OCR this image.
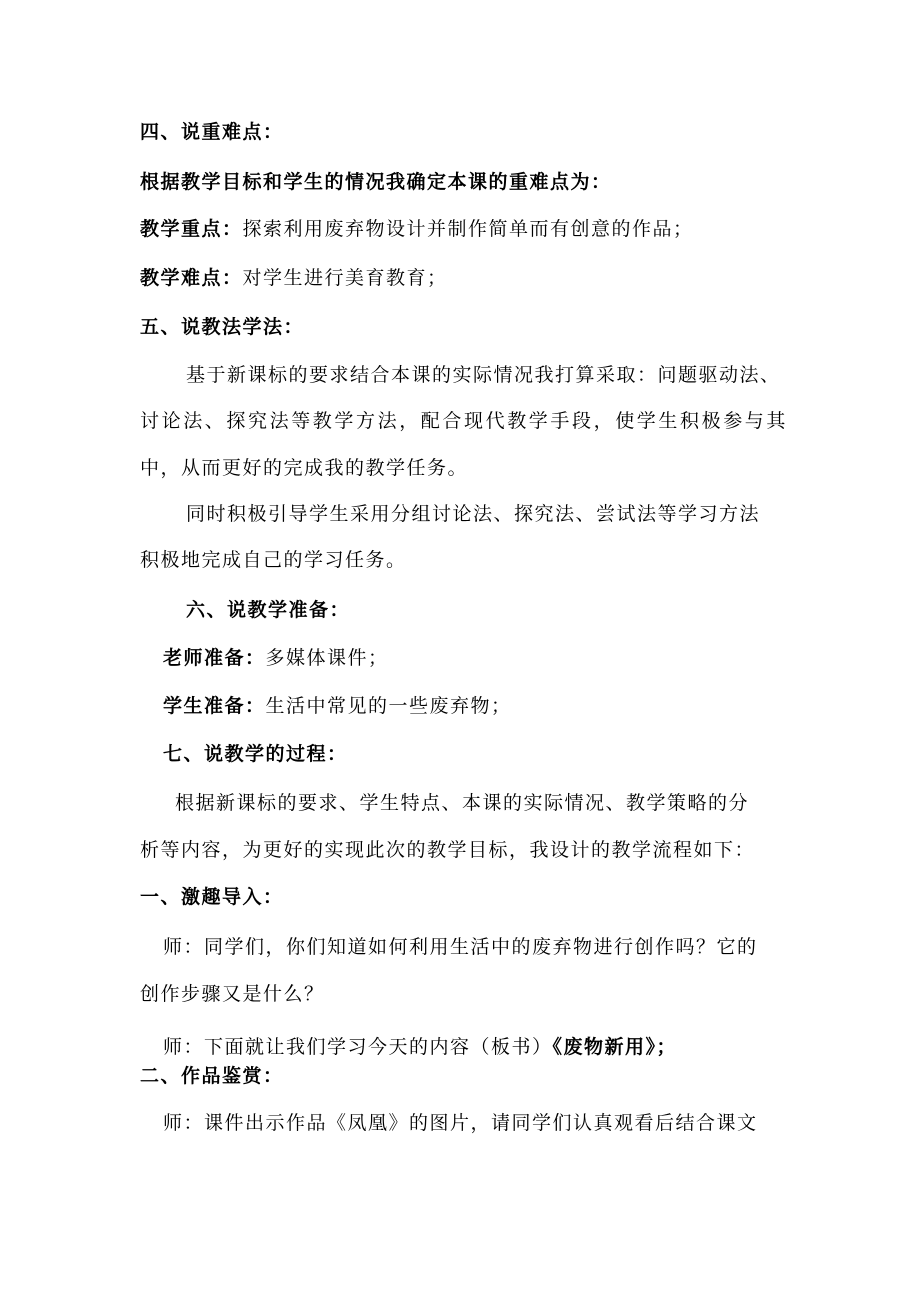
四、说重难点：
根据教学目标和学生的情况我确定本课的重难点为：
教学重点：探索利用废弃物设计并制作简单而有创意的作品；
教学难点：对学生进行美育教育；
五、说教法学法：
基于新课标的要求结合本课的实际情况我打算采取：问题驱动法、
讨论法、探究法等教学方法，配合现代教学手段，使学生积极参与其
中，从而更好的完成我的教学任务。
同时积极引导学生采用分组讨论法、探究法、尝试法等学习方法
积极地完成自己的学习任务。
六、说教学准备：
老师准备：多媒体课件；
学生准备：生活中常见的一些废弃物；
七、说教学的过程：
根据新课标的要求、学生特点、本课的实际情况、教学策略的分
析等内容，为更好的实现此次的教学目标，我设计的教学流程如下：
一、激趣导入：
师：同学们，你们知道如何利用生活中的废弃物进行创作吗？它的
创作步骤又是什么？
师：下面就让我们学习今天的内容（板书）《废物新用》；
二、作品鉴赏：
师：课件出示作品《凤凰》的图片，请同学们认真观看后结合课文
